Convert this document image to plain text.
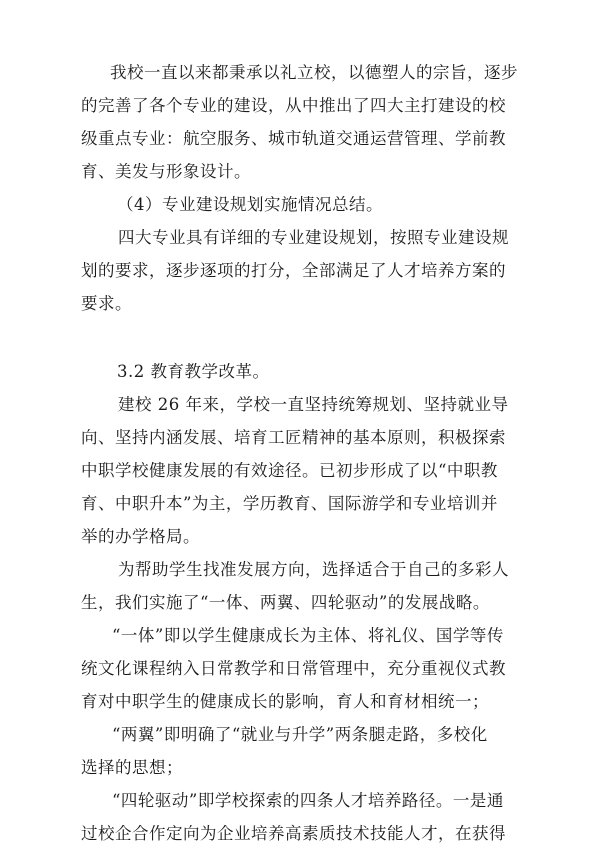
我校一直以来都秉承以礼立校，以德塑人的宗旨，逐步
的完善了各个专业的建设，从中推出了四大主打建设的校
级重点专业：航空服务、城市轨道交通运营管理、学前教
育、美发与形象设计。
（4）专业建设规划实施情况总结。
四大专业具有详细的专业建设规划，按照专业建设规
划的要求，逐步逐项的打分，全部满足了人才培养方案的
要求。
3.2 教育教学改革。
建校 26 年来，学校一直坚持统筹规划、坚持就业导
向、坚持内涵发展、培育工匠精神的基本原则，积极探索
中职学校健康发展的有效途径。已初步形成了以“中职教
育、中职升本”为主，学历教育、国际游学和专业培训并
举的办学格局。
为帮助学生找准发展方向，选择适合于自己的多彩人
生，我们实施了“一体、两翼、四轮驱动”的发展战略。
“一体”即以学生健康成长为主体、将礼仪、国学等传
统文化课程纳入日常教学和日常管理中，充分重视仪式教
育对中职学生的健康成长的影响，育人和育材相统一；
“两翼”即明确了“就业与升学”两条腿走路，多校化
选择的思想；
“四轮驱动”即学校探索的四条人才培养路径。一是通
过校企合作定向为企业培养高素质技术技能人才，在获得
